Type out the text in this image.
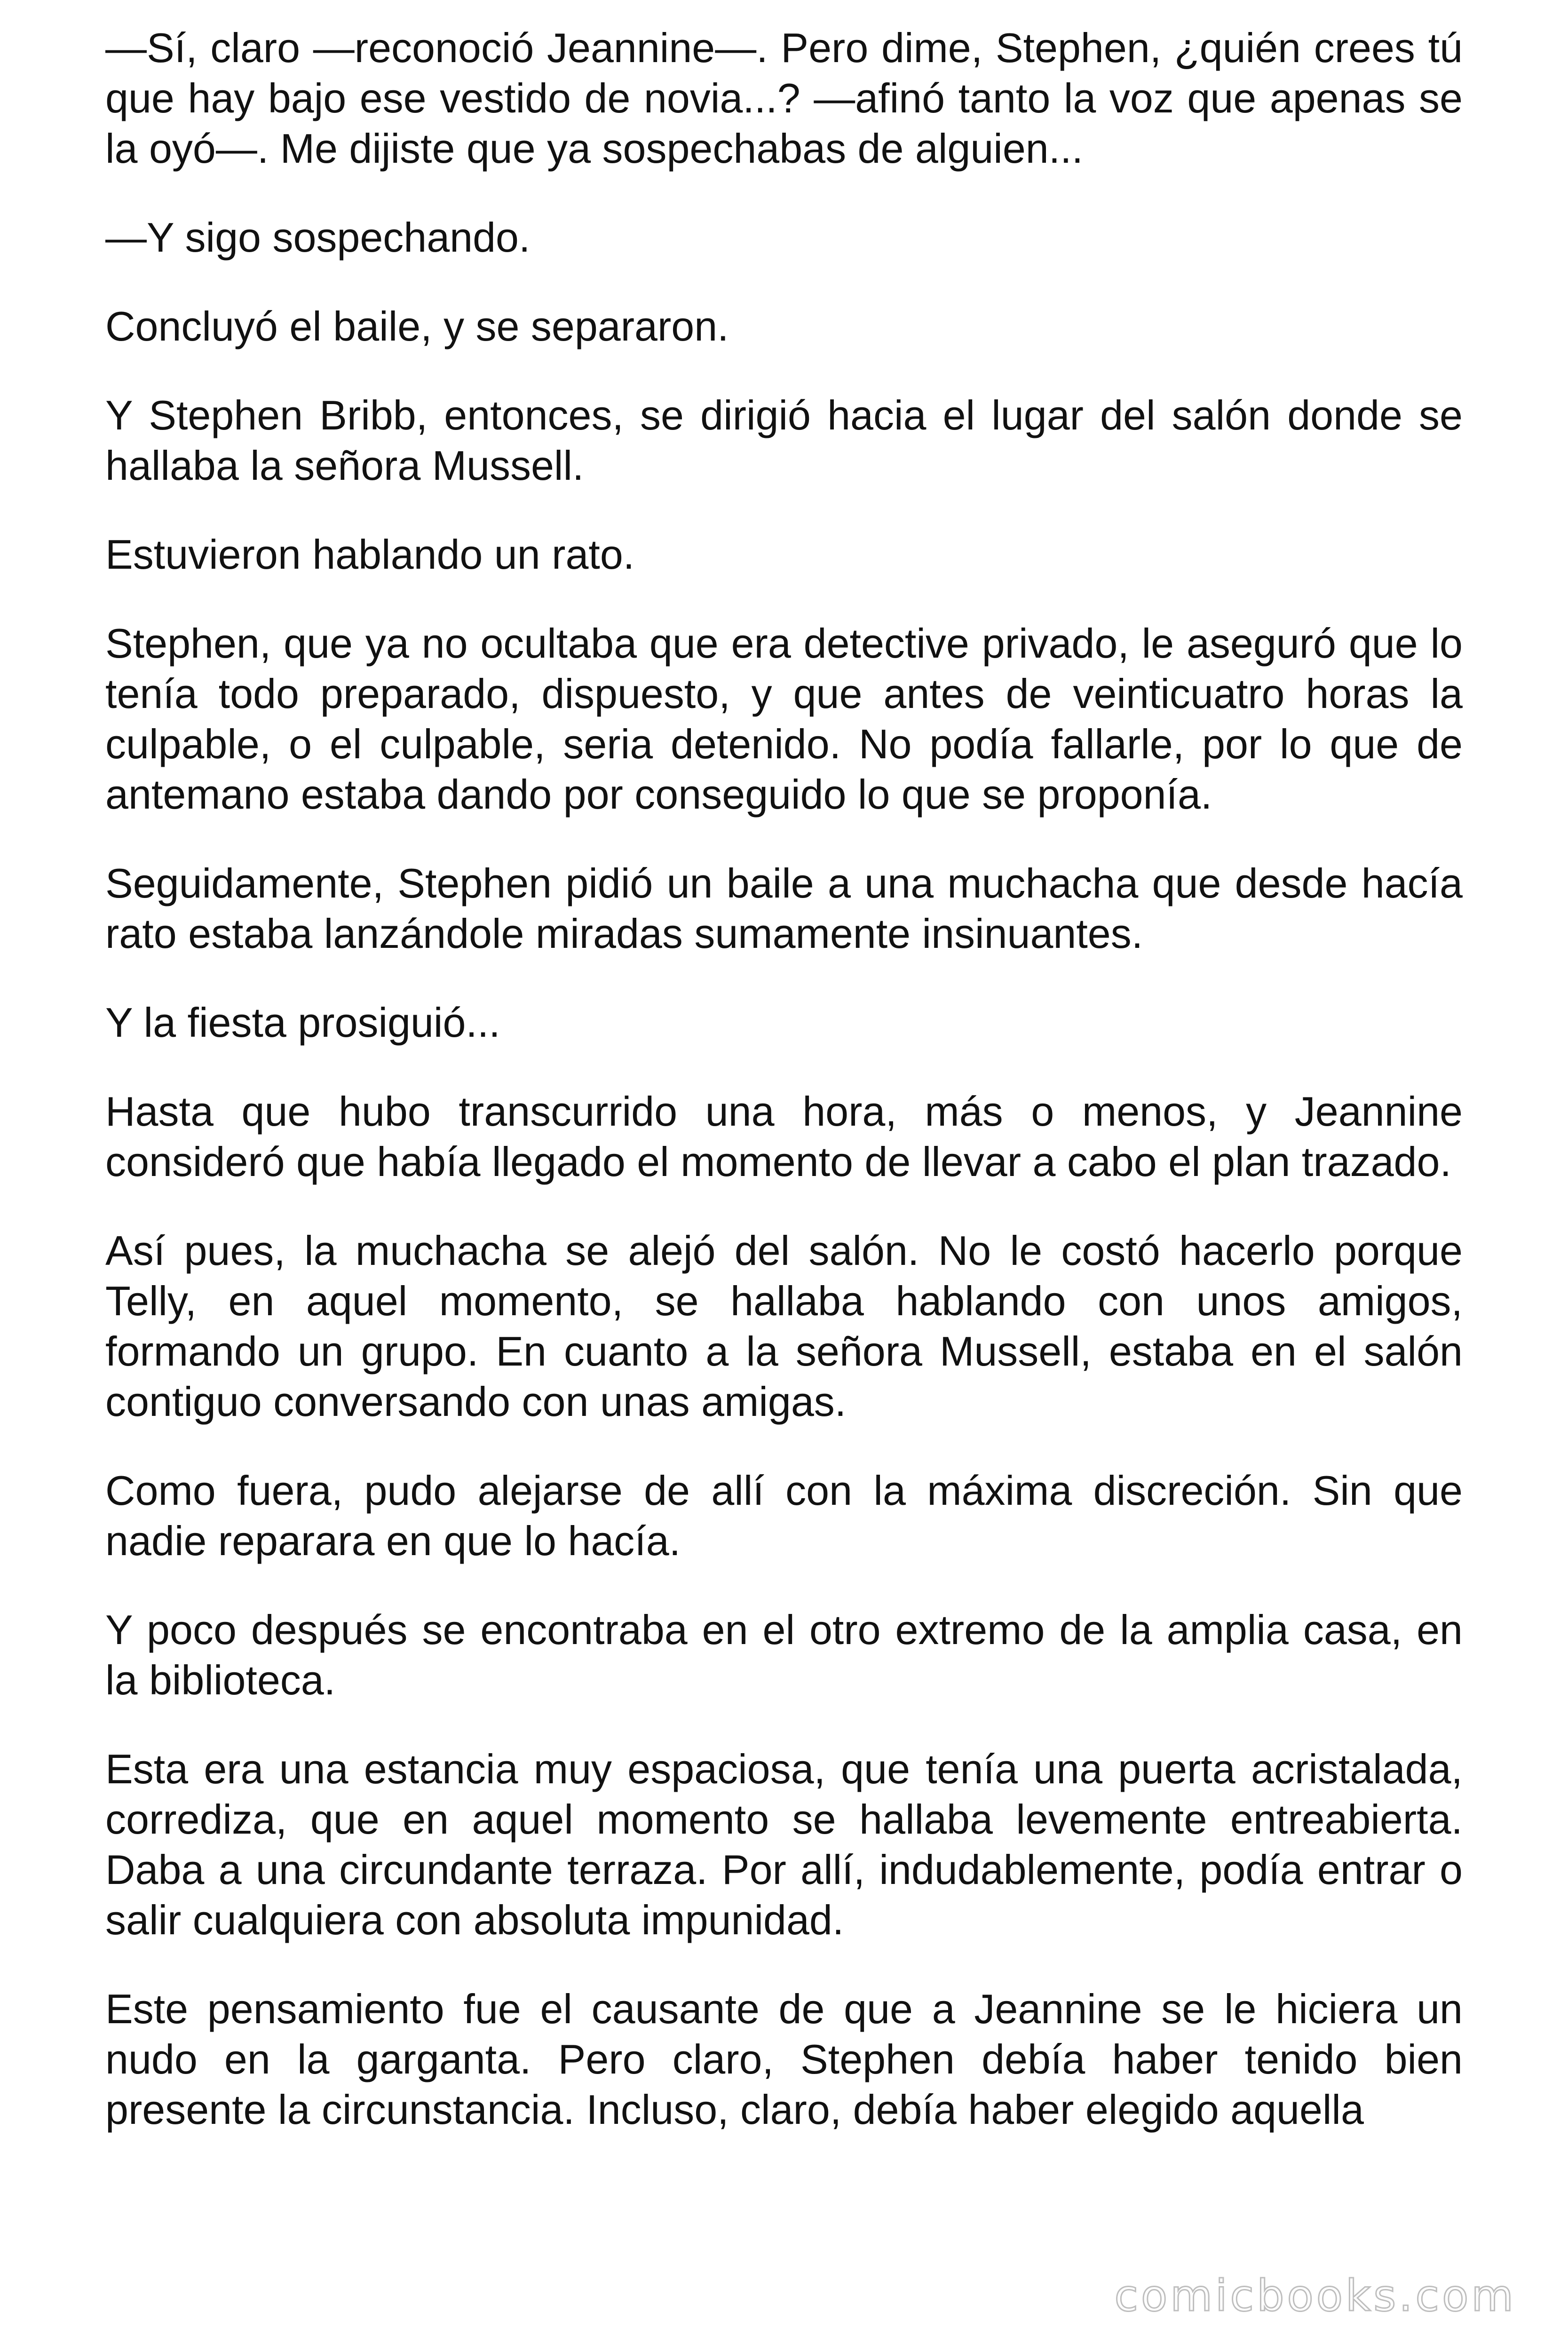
—Sí, claro —reconoció Jeannine—. Pero dime, Stephen, ¿quién crees tú que hay bajo ese vestido de novia...? —afinó tanto la voz que apenas se la oyó—. Me dijiste que ya sospechabas de alguien...

—Y sigo sospechando.

Concluyó el baile, y se separaron.

Y Stephen Bribb, entonces, se dirigió hacia el lugar del salón donde se hallaba la señora Mussell.

Estuvieron hablando un rato.

Stephen, que ya no ocultaba que era detective privado, le aseguró que lo tenía todo preparado, dispuesto, y que antes de veinticuatro horas la culpable, o el culpable, seria detenido. No podía fallarle, por lo que de antemano estaba dando por conseguido lo que se proponía.

Seguidamente, Stephen pidió un baile a una muchacha que desde hacía rato estaba lanzándole miradas sumamente insinuantes.

Y la fiesta prosiguió...

Hasta que hubo transcurrido una hora, más o menos, y Jeannine consideró que había llegado el momento de llevar a cabo el plan trazado.

Así pues, la muchacha se alejó del salón. No le costó hacerlo porque Telly, en aquel momento, se hallaba hablando con unos amigos, formando un grupo. En cuanto a la señora Mussell, estaba en el salón contiguo conversando con unas amigas.

Como fuera, pudo alejarse de allí con la máxima discreción. Sin que nadie reparara en que lo hacía.

Y poco después se encontraba en el otro extremo de la amplia casa, en la biblioteca.

Esta era una estancia muy espaciosa, que tenía una puerta acristalada, corrediza, que en aquel momento se hallaba levemente entreabierta. Daba a una circundante terraza. Por allí, indudablemente, podía entrar o salir cualquiera con absoluta impunidad.

Este pensamiento fue el causante de que a Jeannine se le hiciera un nudo en la garganta. Pero claro, Stephen debía haber tenido bien presente la circunstancia. Incluso, claro, debía haber elegido aquella

comicbooks.com
